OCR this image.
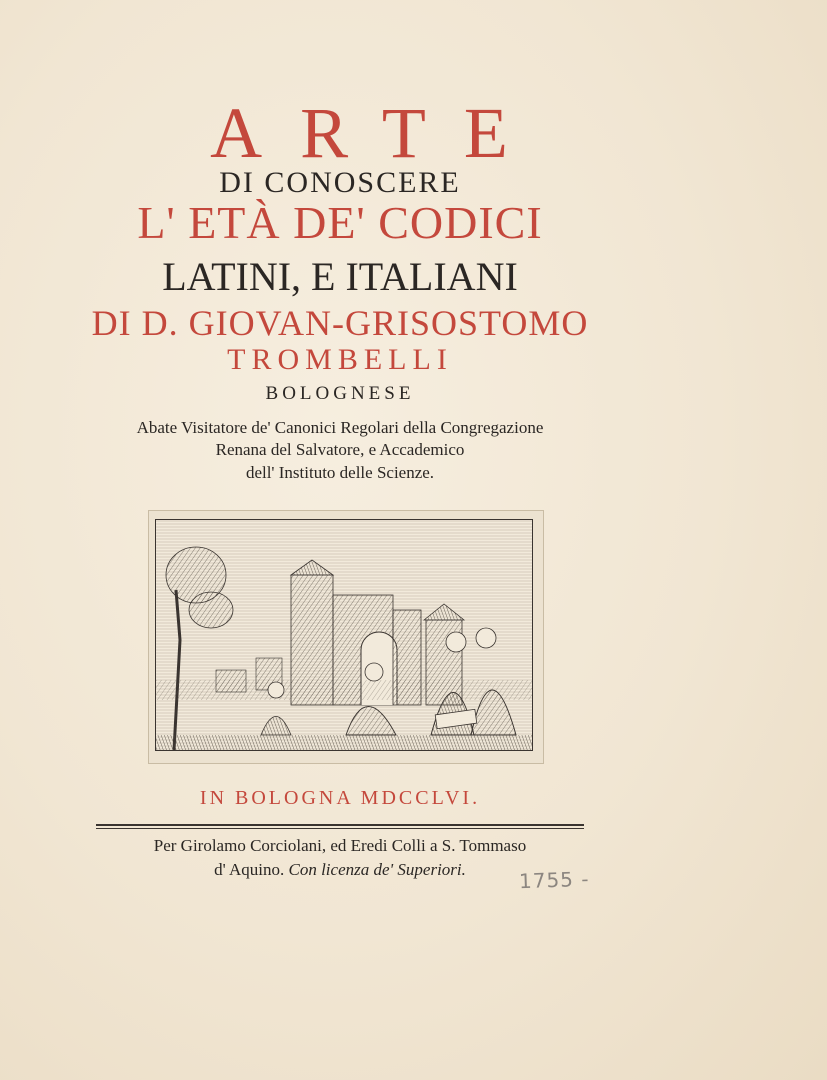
ARTE
DI CONOSCERE
L' ETÀ DE' CODICI
LATINI, E ITALIANI
DI D. GIOVAN-GRISOSTOMO
TROMBELLI
BOLOGNESE
Abate Visitatore de' Canonici Regolari della Congregazione
Renana del Salvatore, e Accademico
dell' Instituto delle Scienze.
IN BOLOGNA MDCCLVI.
Per Girolamo Corciolani, ed Eredi Colli a S. Tommaso
d' Aquino. Con licenza de' Superiori.	1755 -
